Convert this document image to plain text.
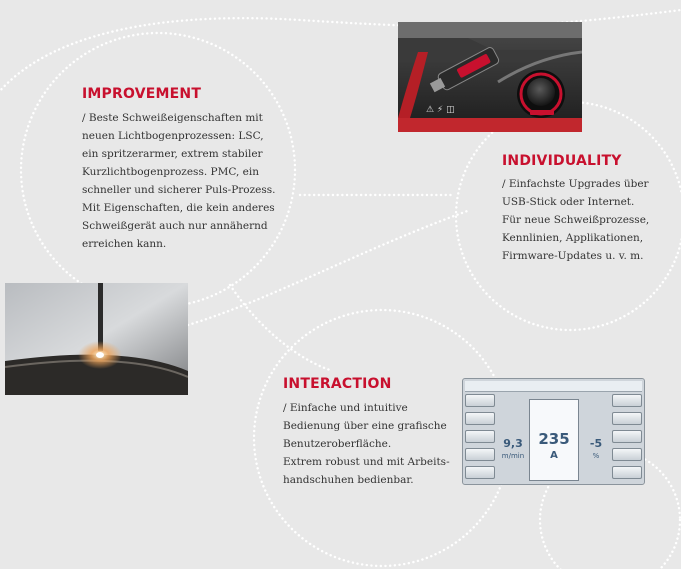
⚠ ⚡ ◫
9,3
m/min
235
A
-5
%
IMPROVEMENT
/ Beste Schweißeigenschaften mit
neuen Lichtbogenprozessen: LSC,
ein spritzerarmer, extrem stabiler
Kurzlichtbogenprozess. PMC, ein
schneller und sicherer Puls-Prozess.
Mit Eigenschaften, die kein anderes
Schweißgerät auch nur annähernd
erreichen kann.
INDIVIDUALITY
/ Einfachste Upgrades über
USB-Stick oder Internet.
Für neue Schweißprozesse,
Kennlinien, Applikationen,
Firmware-Updates u. v. m.
INTERACTION
/ Einfache und intuitive
Bedienung über eine grafische
Benutzeroberfläche.
Extrem robust und mit Arbeits-
handschuhen bedienbar.
